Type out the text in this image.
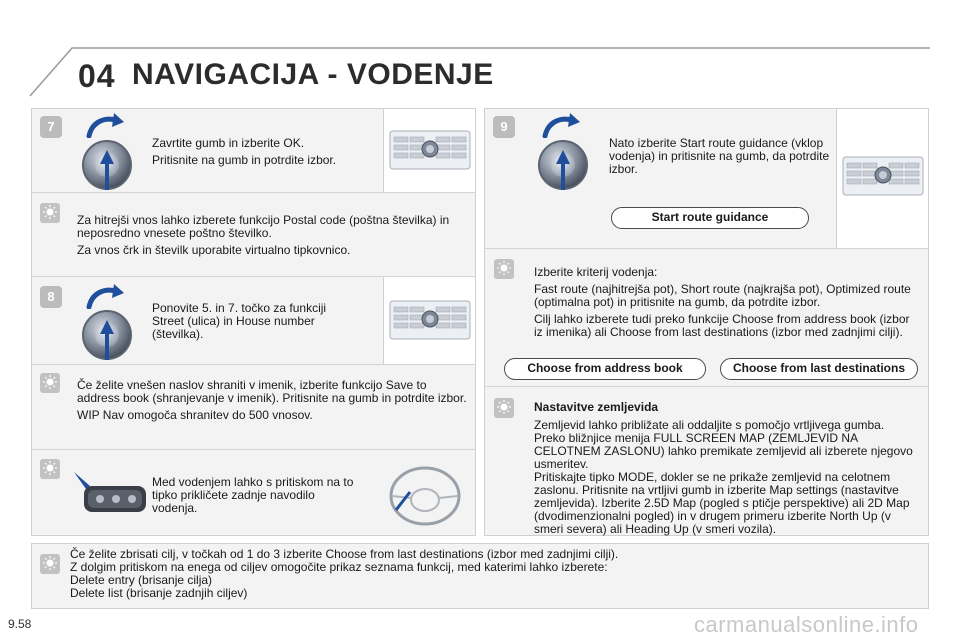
04 NAVIGACIJA - VODENJE
7
Zavrtite gumb in izberite OK.
Pritisnite na gumb in potrdite izbor.

Za hitrejši vnos lahko izberete funkcijo Postal code (poštna številka) in neposredno vnesete poštno številko.

Za vnos črk in številk uporabite virtualno tipkovnico.

8
Ponovite 5. in 7. točko za funkciji Street (ulica) in House number (številka).

Če želite vnešen naslov shraniti v imenik, izberite funkcijo Save to address book (shranjevanje v imenik). Pritisnite na gumb in potrdite izbor.

WIP Nav omogoča shranitev do 500 vnosov.

Med vodenjem lahko s pritiskom na to tipko prikličete zadnje navodilo vodenja.
9
Nato izberite Start route guidance (vklop vodenja) in pritisnite na gumb, da potrdite izbor.
Start route guidance

Izberite kriterij vodenja:

Fast route (najhitrejša pot), Short route (najkrajša pot), Optimized route (optimalna pot) in pritisnite na gumb, da potrdite izbor.

Cilj lahko izberete tudi preko funkcije Choose from address book (izbor iz imenika) ali Choose from last destinations (izbor med zadnjimi cilji).

Choose from address book	Choose from last destinations

Nastavitve zemljevida

Zemljevid lahko približate ali oddaljite s pomočjo vrtljivega gumba. Preko bližnjice menija FULL SCREEN MAP (ZEMLJEVID NA CELOTNEM ZASLONU) lahko premikate zemljevid ali izberete njegovo usmeritev.

Pritiskajte tipko MODE, dokler se ne prikaže zemljevid na celotnem zaslonu. Pritisnite na vrtljivi gumb in izberite Map settings (nastavitve zemljevida). Izberite 2.5D Map (pogled s ptičje perspektive) ali 2D Map (dvodimenzionalni pogled) in v drugem primeru izberite North Up (v smeri severa) ali Heading Up (v smeri vozila).

Če želite zbrisati cilj, v točkah od 1 do 3 izberite Choose from last destinations (izbor med zadnjimi cilji).
Z dolgim pritiskom na enega od ciljev omogočite prikaz seznama funkcij, med katerimi lahko izberete:
Delete entry (brisanje cilja)
Delete list (brisanje zadnjih ciljev)
9.58	carmanualsonline.info
